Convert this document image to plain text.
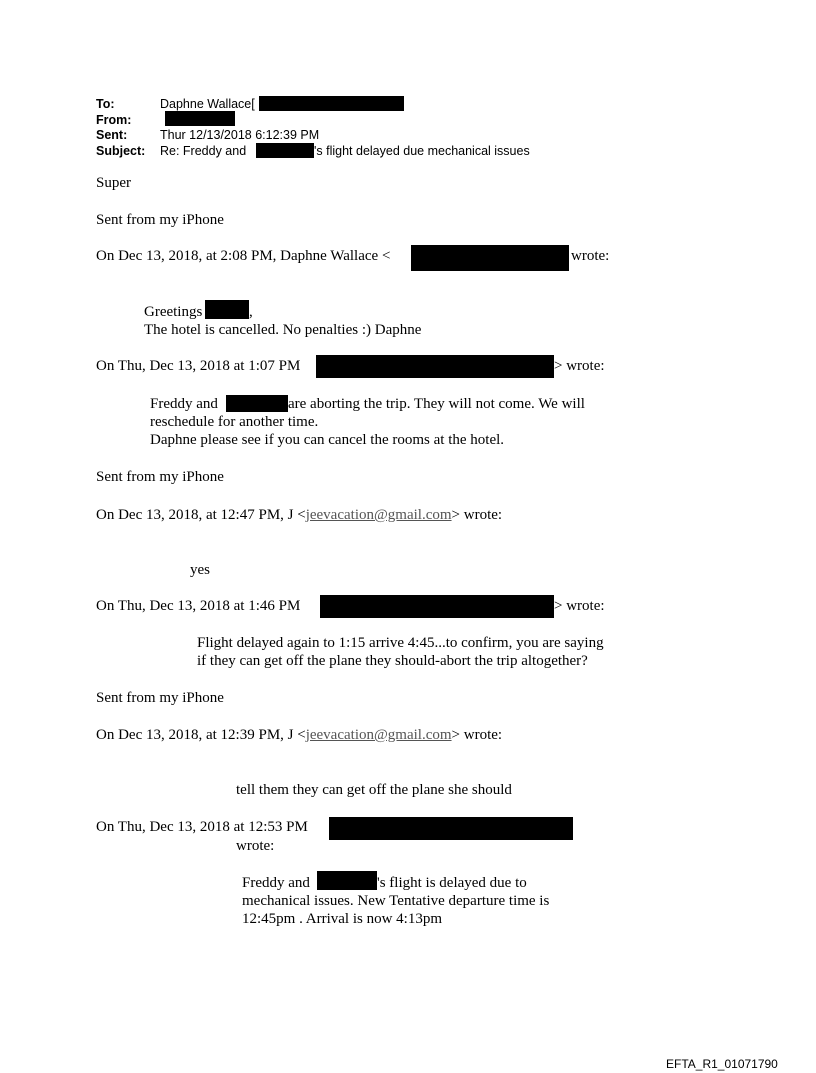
To:	Daphne Wallace[
From:
Sent:	Thur 12/13/2018 6:12:39 PM
Subject: Re: Freddy and	's flight delayed due mechanical issues
Super
Sent from my iPhone
On Dec 13, 2018, at 2:08 PM, Daphne Wallace <	wrote:
Greetings	,
The hotel is cancelled. No penalties :) Daphne
On Thu, Dec 13, 2018 at 1:07 PM	> wrote:
Freddy and	are aborting the trip. They will not come. We will
reschedule for another time.
Daphne please see if you can cancel the rooms at the hotel.
Sent from my iPhone
On Dec 13, 2018, at 12:47 PM, J <jeevacation@gmail.com> wrote:
yes
On Thu, Dec 13, 2018 at 1:46 PM	> wrote:
Flight delayed again to 1:15 arrive 4:45...to confirm, you are saying
if they can get off the plane they should-abort the trip altogether?
Sent from my iPhone
On Dec 13, 2018, at 12:39 PM, J <jeevacation@gmail.com> wrote:
tell them they can get off the plane she should
On Thu, Dec 13, 2018 at 12:53 PM
wrote:
Freddy and	's flight is delayed due to
mechanical issues. New Tentative departure time is
12:45pm . Arrival is now 4:13pm
EFTA_R1_01071790
